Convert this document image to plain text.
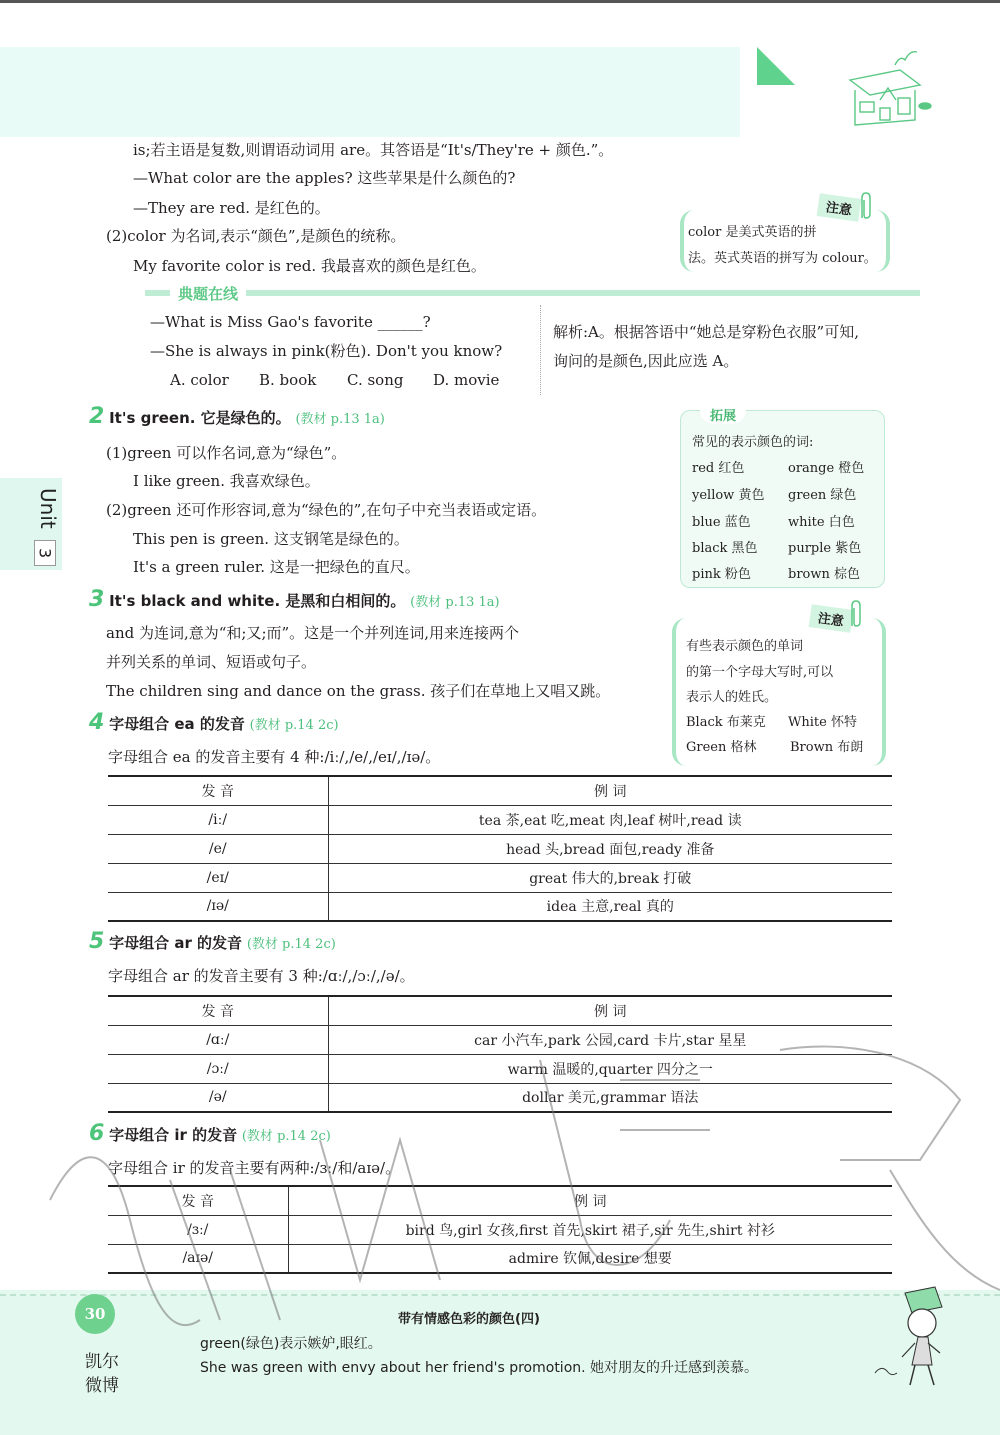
is;若主语是复数,则谓语动词用 are。其答语是“It's/They're + 颜色.”。
—What color are the apples? 这些苹果是什么颜色的?
—They are red. 是红色的。
(2)color 为名词,表示“颜色”,是颜色的统称。
My favorite color is red. 我最喜欢的颜色是红色。
注意
color 是美式英语的拼
法。英式英语的拼写为 colour。
典题在线
—What is Miss Gao's favorite ______?
—She is always in pink(粉色). Don't you know?
A. color B. book C. song D. movie
解析:A。根据答语中“她总是穿粉色衣服”可知,
询问的是颜色,因此应选 A。
Unit
3
2 It's green. 它是绿色的。 (教材 p.13 1a)
(1)green 可以作名词,意为“绿色”。
I like green. 我喜欢绿色。
(2)green 还可作形容词,意为“绿色的”,在句子中充当表语或定语。
This pen is green. 这支钢笔是绿色的。
It's a green ruler. 这是一把绿色的直尺。
拓展
常见的表示颜色的词:
red 红色	orange 橙色
yellow 黄色 green 绿色
blue 蓝色	white 白色
black 黑色 purple 紫色
pink 粉色	brown 棕色
3 It's black and white. 是黑和白相间的。 (教材 p.13 1a)
and 为连词,意为“和;又;而”。这是一个并列连词,用来连接两个
并列关系的单词、短语或句子。
The children sing and dance on the grass. 孩子们在草地上又唱又跳。
注意
有些表示颜色的单词
的第一个字母大写时,可以
表示人的姓氏。
Black 布莱克 White 怀特
Green 格林	Brown 布朗
4 字母组合 ea 的发音 (教材 p.14 2c)
字母组合 ea 的发音主要有 4 种:/iː/,/e/,/eɪ/,/ɪə/。
发 音	例 词
/iː/	tea 茶,eat 吃,meat 肉,leaf 树叶,read 读
/e/	head 头,bread 面包,ready 准备
/eɪ/	great 伟大的,break 打破
/ɪə/	idea 主意,real 真的
5 字母组合 ar 的发音 (教材 p.14 2c)
字母组合 ar 的发音主要有 3 种:/ɑː/,/ɔː/,/ə/。
发 音	例 词
/ɑː/	car 小汽车,park 公园,card 卡片,star 星星
/ɔː/	warm 温暖的,quarter 四分之一
/ə/	dollar 美元,grammar 语法
6 字母组合 ir 的发音 (教材 p.14 2c)
字母组合 ir 的发音主要有两种:/ɜː/和/aɪə/。
发 音	例 词
/ɜː/	bird 鸟,girl 女孩,first 首先,skirt 裙子,sir 先生,shirt 衬衫
/aɪə/	admire 钦佩,desire 想要
30
凯尔
微博
带有情感色彩的颜色(四)
green(绿色)表示嫉妒,眼红。
She was green with envy about her friend's promotion. 她对朋友的升迁感到羡慕。
